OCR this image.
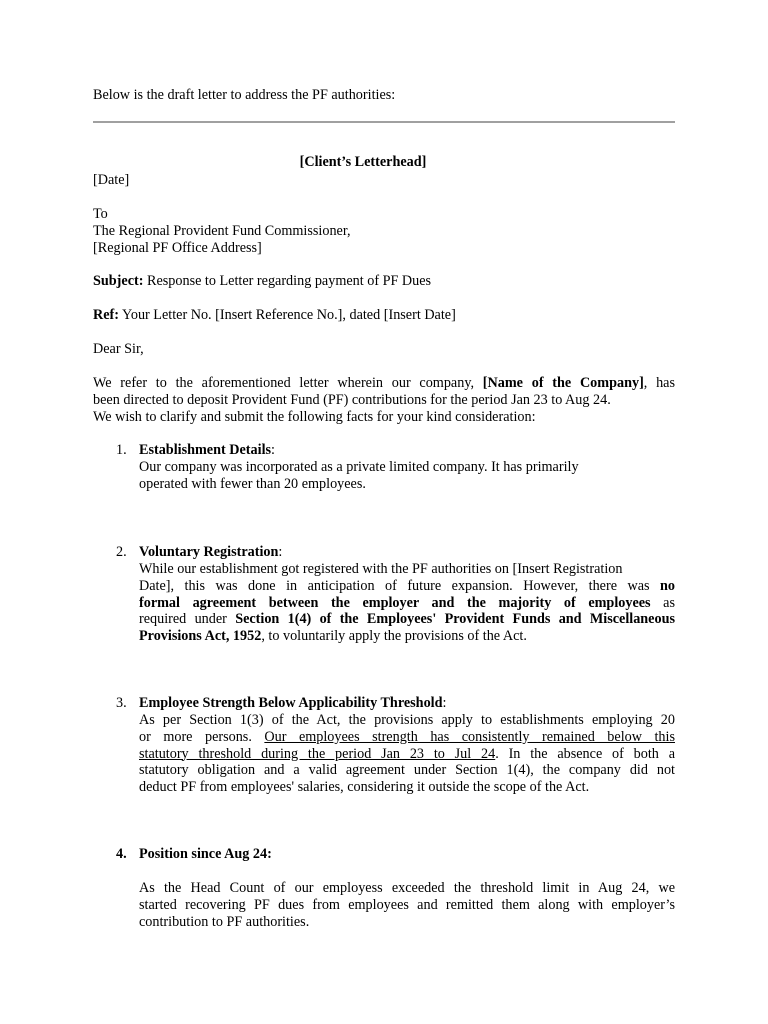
Below is the draft letter to address the PF authorities:

[Client’s Letterhead]

[Date]

To
The Regional Provident Fund Commissioner,
[Regional PF Office Address]

Subject: Response to Letter regarding payment of PF Dues

Ref: Your Letter No. [Insert Reference No.], dated [Insert Date]

Dear Sir,

We refer to the aforementioned letter wherein our company, [Name of the Company], has
been directed to deposit Provident Fund (PF) contributions for the period Jan 23 to Aug 24.
We wish to clarify and submit the following facts for your kind consideration:

1. Establishment Details:

Our company was incorporated as a private limited company. It has primarily
operated with fewer than 20 employees.

2. Voluntary Registration:

While our establishment got registered with the PF authorities on [Insert Registration
Date], this was done in anticipation of future expansion. However, there was no
formal agreement between the employer and the majority of employees as
required under Section 1(4) of the Employees' Provident Funds and Miscellaneous
Provisions Act, 1952, to voluntarily apply the provisions of the Act.

3. Employee Strength Below Applicability Threshold:

As per Section 1(3) of the Act, the provisions apply to establishments employing 20
or more persons. Our employees strength has consistently remained below this
statutory threshold during the period Jan 23 to Jul 24. In the absence of both a
statutory obligation and a valid agreement under Section 1(4), the company did not
deduct PF from employees' salaries, considering it outside the scope of the Act.

4. Position since Aug 24:

As the Head Count of our employess exceeded the threshold limit in Aug 24, we
started recovering PF dues from employees and remitted them along with employer’s
contribution to PF authorities.
